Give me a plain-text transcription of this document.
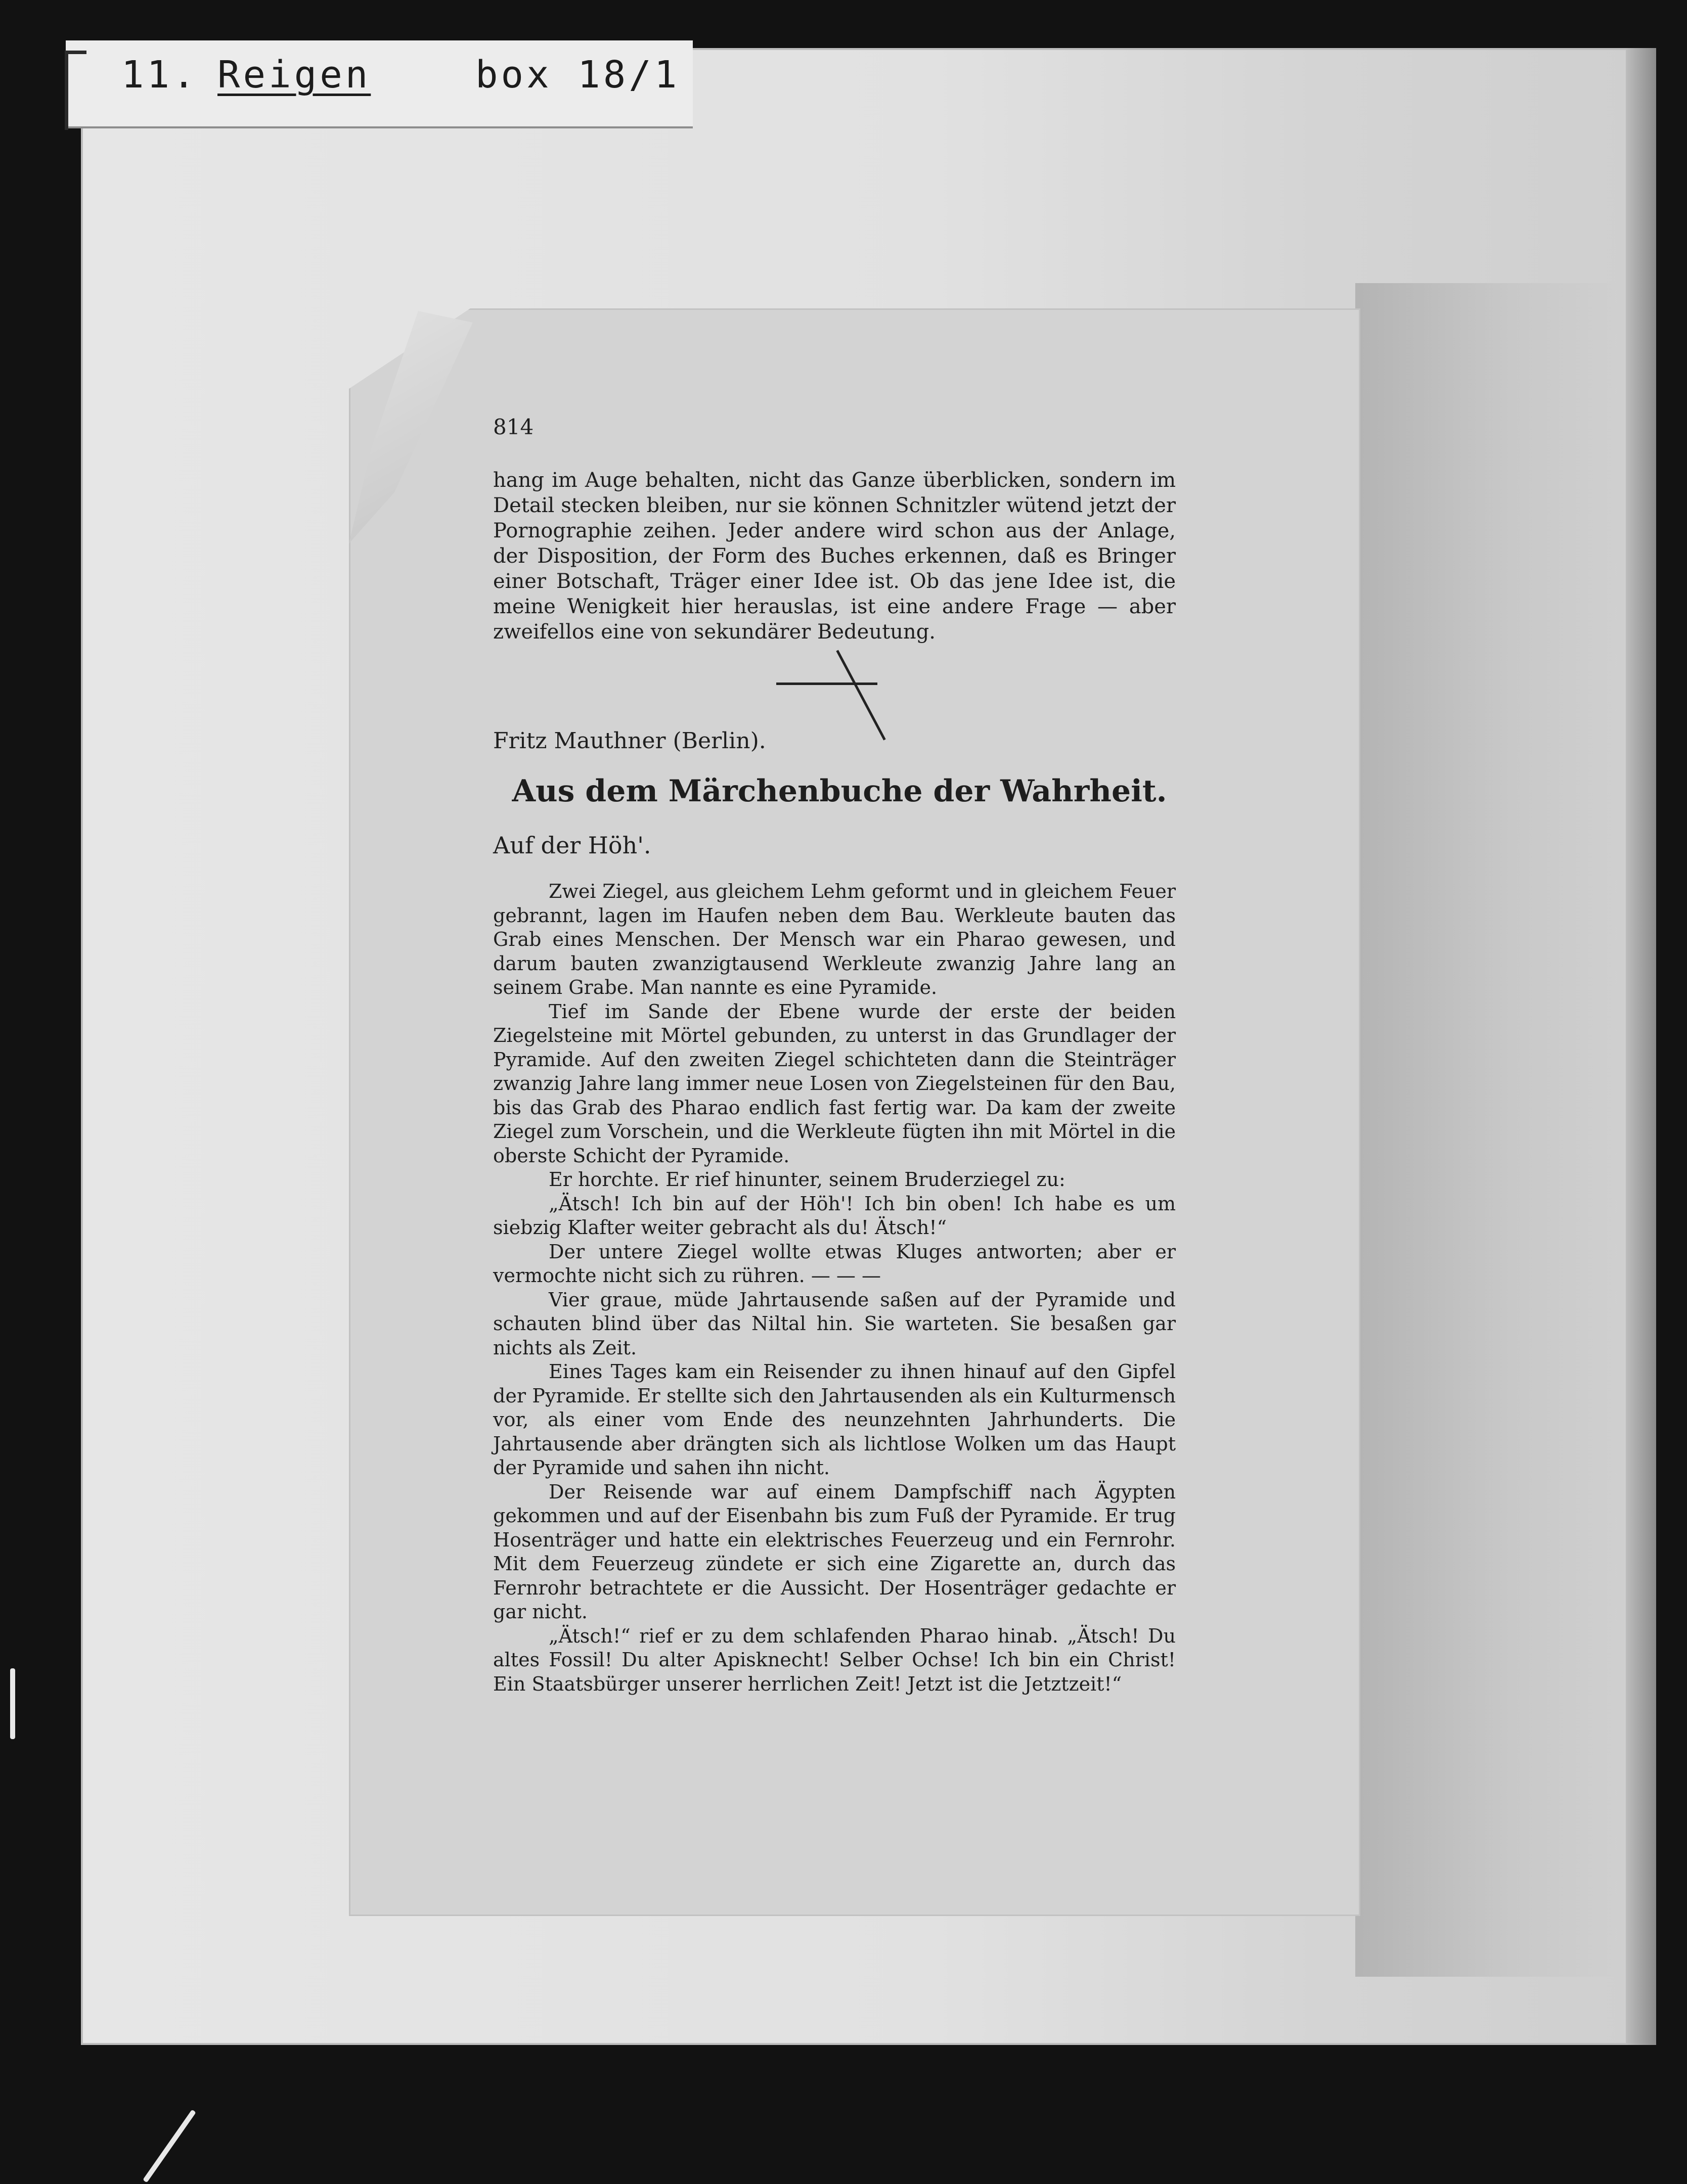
11. Reigen	box 18/1
814
hang im Auge behalten, nicht das Ganze überblicken, sondern im Detail stecken bleiben, nur sie können Schnitzler wütend jetzt der Pornographie zeihen. Jeder andere wird schon aus der Anlage, der Disposition, der Form des Buches erkennen, daß es Bringer einer Botschaft, Träger einer Idee ist. Ob das jene Idee ist, die meine Wenigkeit hier herauslas, ist eine andere Frage — aber zweifellos eine von sekundärer Bedeutung.
Fritz Mauthner (Berlin).
Aus dem Märchenbuche der Wahrheit.
Auf der Höh'.

Zwei Ziegel, aus gleichem Lehm geformt und in gleichem Feuer gebrannt, lagen im Haufen neben dem Bau. Werkleute bauten das Grab eines Menschen. Der Mensch war ein Pharao gewesen, und darum bauten zwanzigtausend Werkleute zwanzig Jahre lang an seinem Grabe. Man nannte es eine Pyramide.

Tief im Sande der Ebene wurde der erste der beiden Ziegelsteine mit Mörtel gebunden, zu unterst in das Grundlager der Pyramide. Auf den zweiten Ziegel schichteten dann die Steinträger zwanzig Jahre lang immer neue Losen von Ziegelsteinen für den Bau, bis das Grab des Pharao endlich fast fertig war. Da kam der zweite Ziegel zum Vorschein, und die Werkleute fügten ihn mit Mörtel in die oberste Schicht der Pyramide.

Er horchte. Er rief hinunter, seinem Bruderziegel zu:

„Ätsch! Ich bin auf der Höh'! Ich bin oben! Ich habe es um siebzig Klafter weiter gebracht als du! Ätsch!“

Der untere Ziegel wollte etwas Kluges antworten; aber er vermochte nicht sich zu rühren. — — —

Vier graue, müde Jahrtausende saßen auf der Pyramide und schauten blind über das Niltal hin. Sie warteten. Sie besaßen gar nichts als Zeit.

Eines Tages kam ein Reisender zu ihnen hinauf auf den Gipfel der Pyramide. Er stellte sich den Jahrtausenden als ein Kulturmensch vor, als einer vom Ende des neunzehnten Jahrhunderts. Die Jahrtausende aber drängten sich als lichtlose Wolken um das Haupt der Pyramide und sahen ihn nicht.

Der Reisende war auf einem Dampfschiff nach Ägypten gekommen und auf der Eisenbahn bis zum Fuß der Pyramide. Er trug Hosenträger und hatte ein elektrisches Feuerzeug und ein Fernrohr. Mit dem Feuerzeug zündete er sich eine Zigarette an, durch das Fernrohr betrachtete er die Aussicht. Der Hosenträger gedachte er gar nicht.

„Ätsch!“ rief er zu dem schlafenden Pharao hinab. „Ätsch! Du altes Fossil! Du alter Apisknecht! Selber Ochse! Ich bin ein Christ! Ein Staatsbürger unserer herrlichen Zeit! Jetzt ist die Jetztzeit!“
